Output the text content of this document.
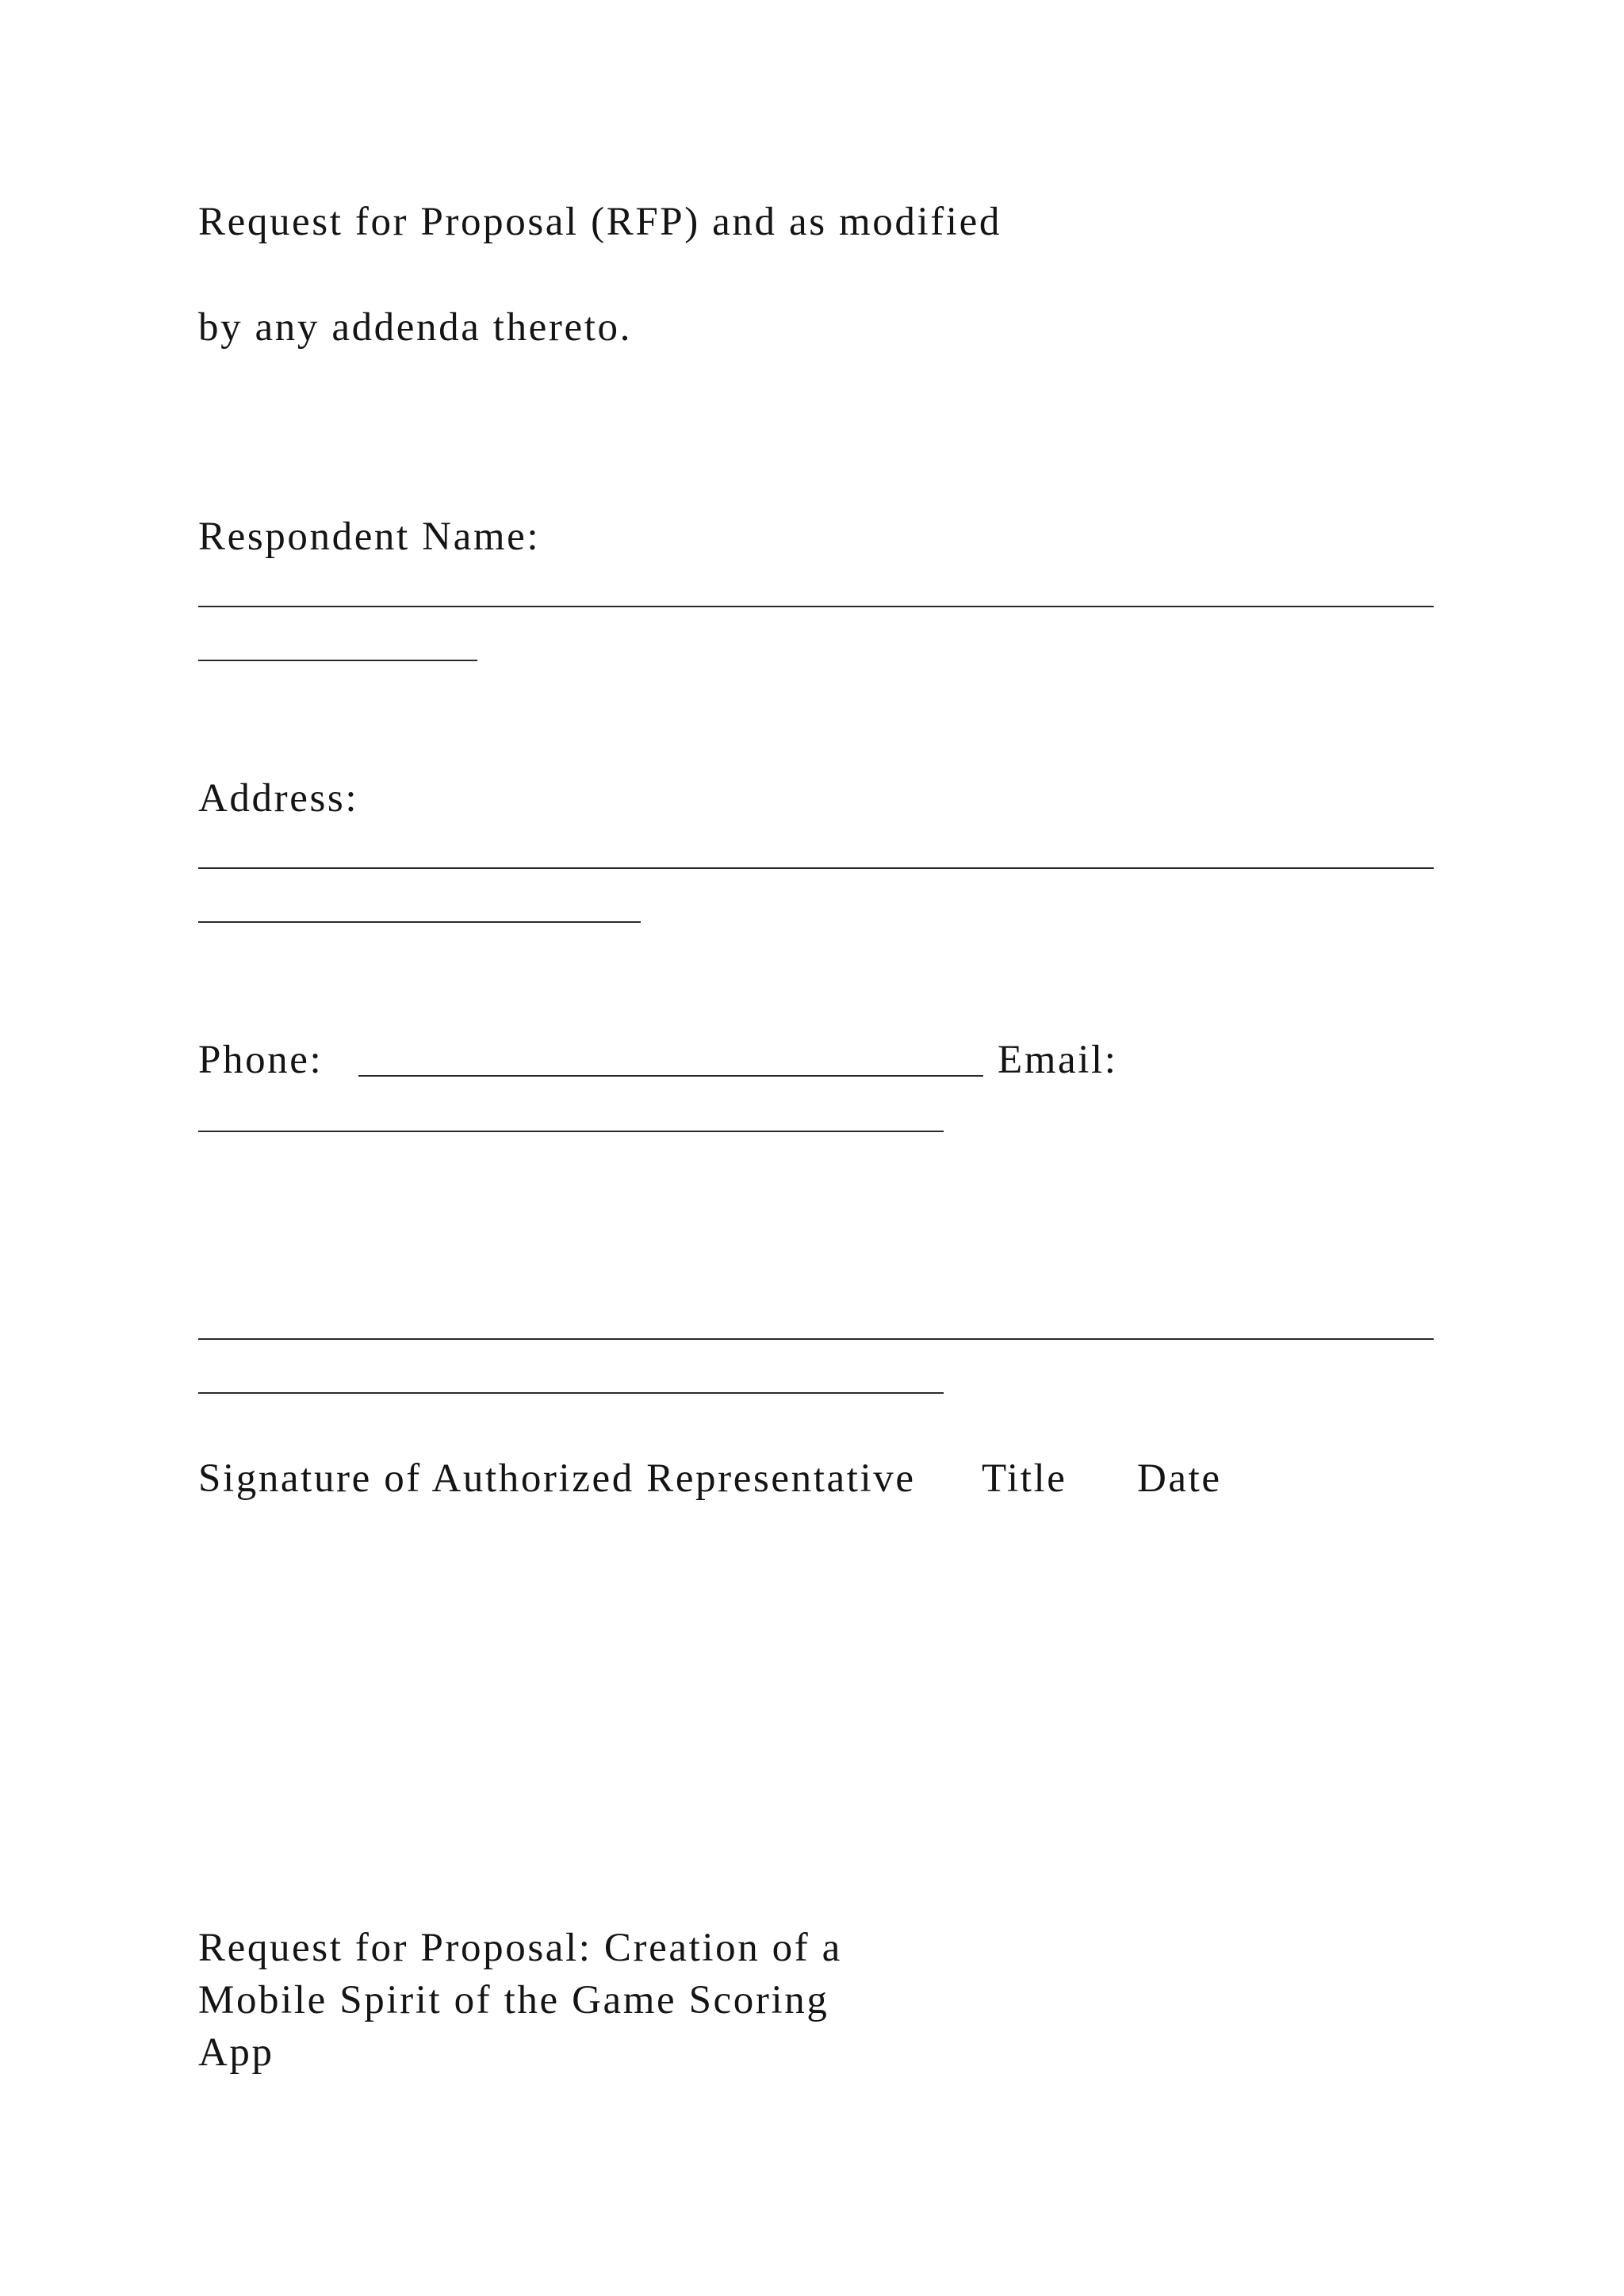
Request for Proposal (RFP) and as modified
by any addenda thereto.
Respondent Name:
Address:
Phone:	Email:
Signature of Authorized Representative Title Date
Request for Proposal: Creation of a
Mobile Spirit of the Game Scoring
App
